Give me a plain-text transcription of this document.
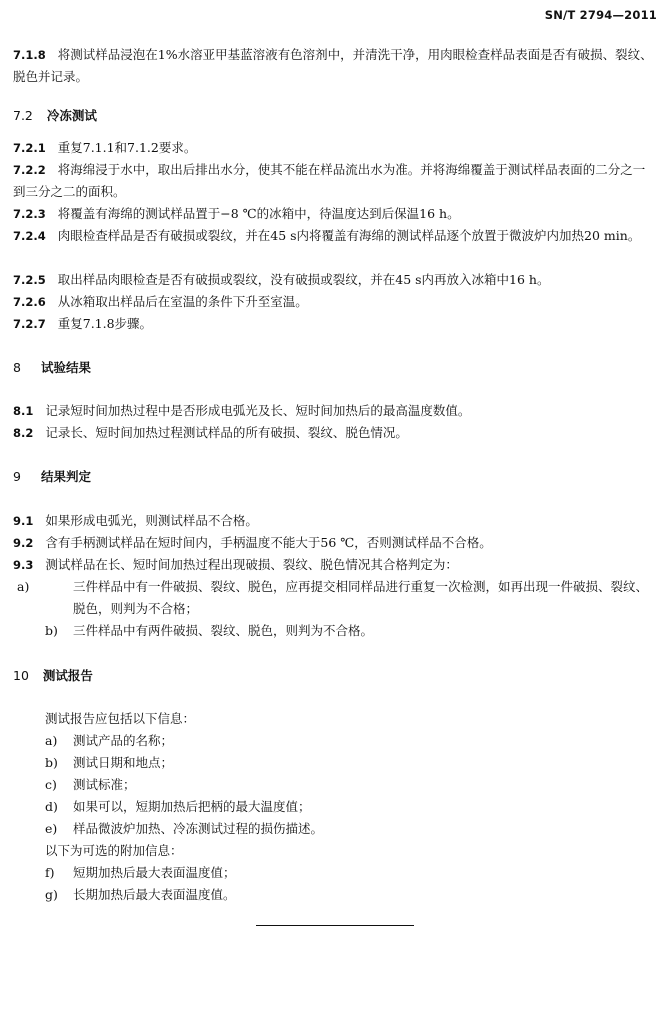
SN/T 2794—2011
7.1.8 将测试样品浸泡在1%水溶亚甲基蓝溶液有色溶剂中，并清洗干净，用肉眼检查样品表面是否有破损、裂纹、脱色并记录。
7.2 冷冻测试
7.2.1 重复7.1.1和7.1.2要求。
7.2.2 将海绵浸于水中，取出后排出水分，使其不能在样品流出水为准。并将海绵覆盖于测试样品表面的二分之一到三分之二的面积。
7.2.3 将覆盖有海绵的测试样品置于−8 ℃的冰箱中，待温度达到后保温16 h。
7.2.4 肉眼检查样品是否有破损或裂纹，并在45 s内将覆盖有海绵的测试样品逐个放置于微波炉内加热20 min。
7.2.5 取出样品肉眼检查是否有破损或裂纹，没有破损或裂纹，并在45 s内再放入冰箱中16 h。
7.2.6 从冰箱取出样品后在室温的条件下升至室温。
7.2.7 重复7.1.8步骤。
8 试验结果
8.1 记录短时间加热过程中是否形成电弧光及长、短时间加热后的最高温度数值。
8.2 记录长、短时间加热过程测试样品的所有破损、裂纹、脱色情况。
9 结果判定
9.1 如果形成电弧光，则测试样品不合格。
9.2 含有手柄测试样品在短时间内，手柄温度不能大于56 ℃，否则测试样品不合格。
9.3 测试样品在长、短时间加热过程出现破损、裂纹、脱色情况其合格判定为：
a)	三件样品中有一件破损、裂纹、脱色，应再提交相同样品进行重复一次检测，如再出现一件破损、裂纹、脱色，则判为不合格；
b) 三件样品中有两件破损、裂纹、脱色，则判为不合格。
10 测试报告
测试报告应包括以下信息：
a) 测试产品的名称；
b) 测试日期和地点；
c) 测试标准；
d) 如果可以，短期加热后把柄的最大温度值；
e) 样品微波炉加热、冷冻测试过程的损伤描述。
以下为可选的附加信息：
f) 短期加热后最大表面温度值；
g) 长期加热后最大表面温度值。
